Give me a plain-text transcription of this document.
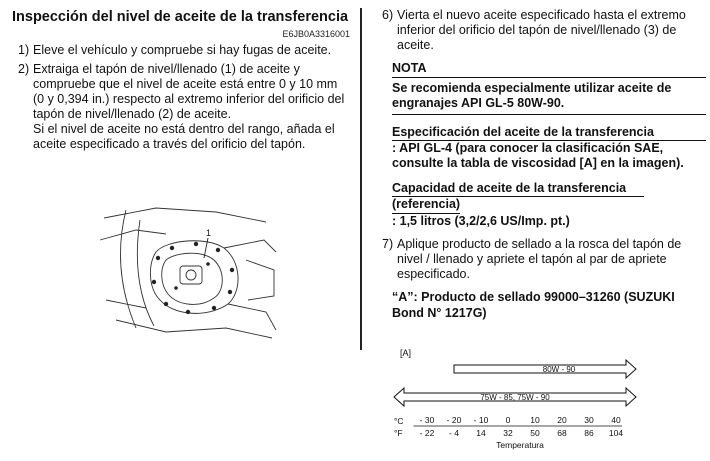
Inspección del nivel de aceite de la transferencia
E6JB0A3316001
1) Eleve el vehículo y compruebe si hay fugas de aceite.

2) Extraiga el tapón de nivel/llenado (1) de aceite y compruebe que el nivel de aceite está entre 0 y 10 mm (0 y 0,394 in.) respecto al extremo inferior del orificio del tapón de nivel/llenado (2) de aceite.

Si el nivel de aceite no está dentro del rango, añada el aceite especificado a través del orificio del tapón.

1
6) Vierta el nuevo aceite especificado hasta el extremo inferior del orificio del tapón de nivel/llenado (3) de aceite.

NOTA
Se recomienda especialmente utilizar aceite de engranajes API GL-5 80W-90.
Especificación del aceite de la transferencia
: API GL-4 (para conocer la clasificación SAE, consulte la tabla de viscosidad [A] en la imagen).
Capacidad de aceite de la transferencia
(referencia)
: 1,5 litros (3,2/2,6 US/Imp. pt.)
7) Aplique producto de sellado a la rosca del tapón de nivel / llenado y apriete el tapón al par de apriete especificado.

“A”: Producto de sellado 99000–31260 (SUZUKI Bond N° 1217G)
[A]
80W - 90
75W - 85, 75W - 90
- 30
- 22
- 20
- 4
- 10
14
0
32
10
50
20
68
30
86
40
104
°C
°F
Temperatura
